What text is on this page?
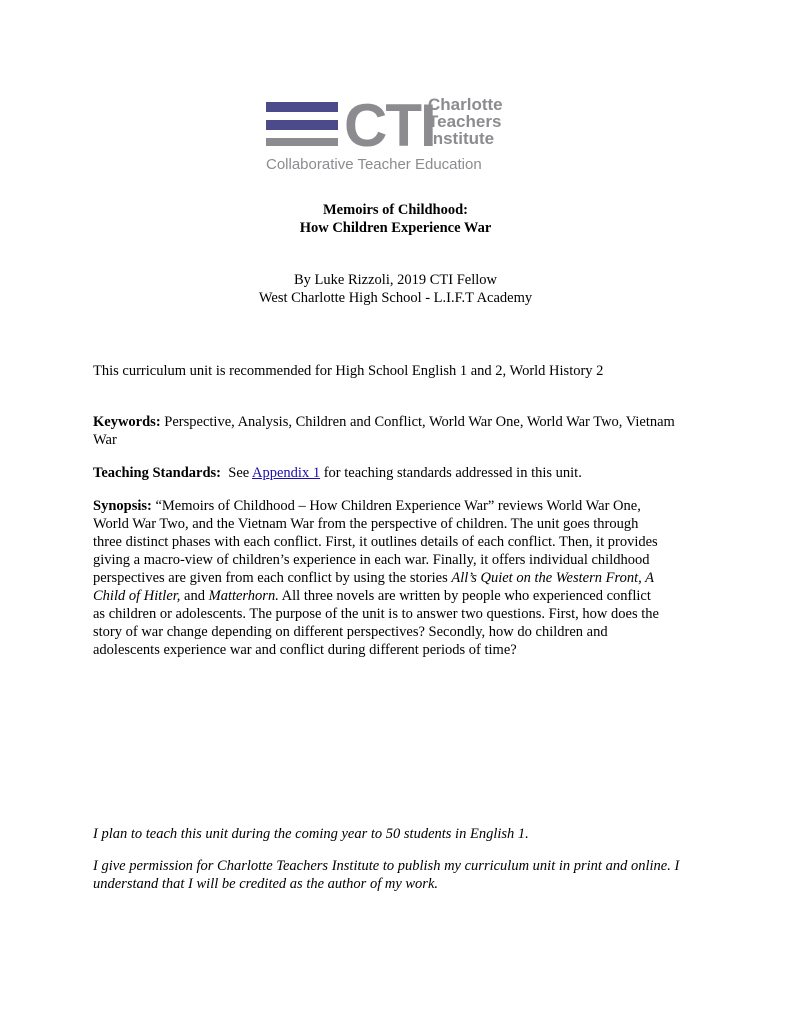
CTI
Charlotte
Teachers
Institute
Collaborative Teacher Education
Memoirs of Childhood:
How Children Experience War
By Luke Rizzoli, 2019 CTI Fellow
West Charlotte High School - L.I.F.T Academy
This curriculum unit is recommended for High School English 1 and 2, World History 2
Keywords: Perspective, Analysis, Children and Conflict, World War One, World War Two, Vietnam War
Teaching Standards:  See Appendix 1 for teaching standards addressed in this unit.
Synopsis: “Memoirs of Childhood – How Children Experience War” reviews World War One, World War Two, and the Vietnam War from the perspective of children. The unit goes through three distinct phases with each conflict. First, it outlines details of each conflict. Then, it provides giving a macro-view of children’s experience in each war. Finally, it offers individual childhood perspectives are given from each conflict by using the stories All’s Quiet on the Western Front, A Child of Hitler, and Matterhorn. All three novels are written by people who experienced conflict as children or adolescents. The purpose of the unit is to answer two questions. First, how does the story of war change depending on different perspectives? Secondly, how do children and adolescents experience war and conflict during different periods of time?
I plan to teach this unit during the coming year to 50 students in English 1.
I give permission for Charlotte Teachers Institute to publish my curriculum unit in print and online. I understand that I will be credited as the author of my work.
